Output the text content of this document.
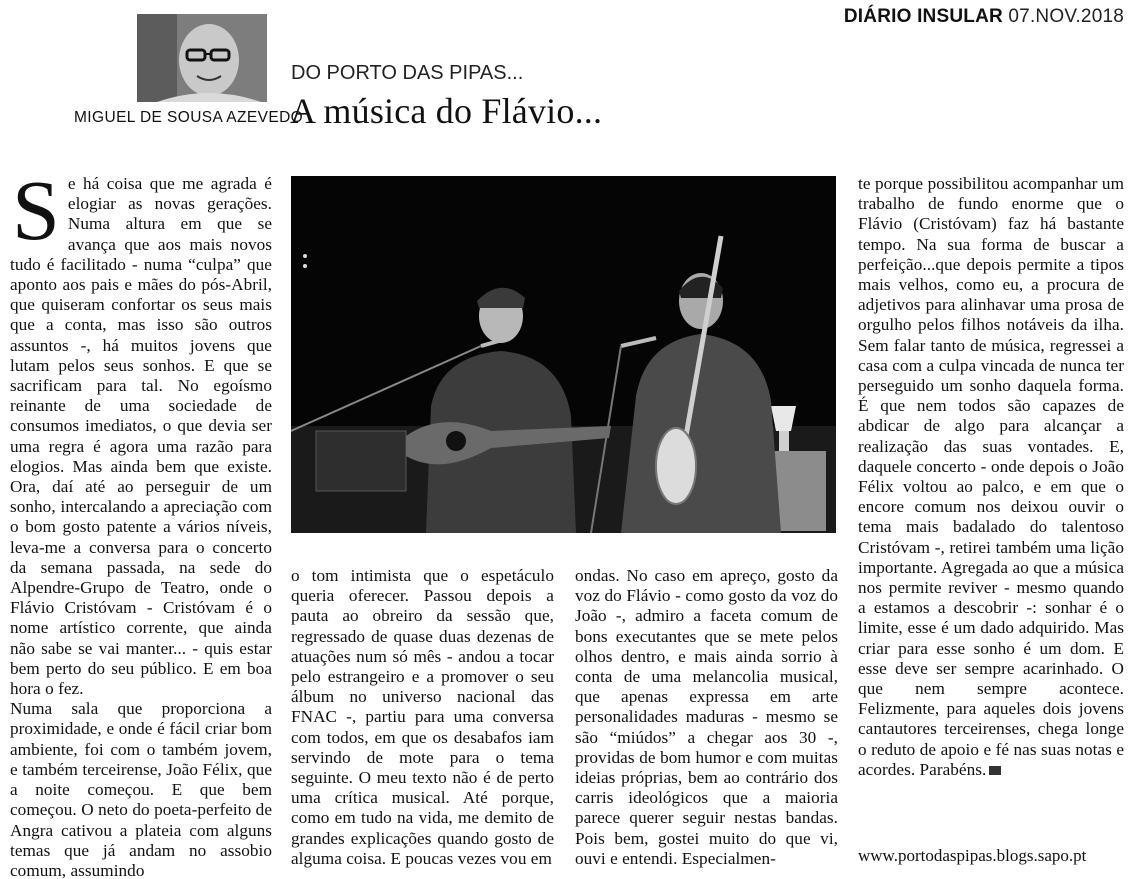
DIÁRIO INSULAR 07.NOV.2018
MIGUEL DE SOUSA AZEVEDO
DO PORTO DAS PIPAS...
A música do Flávio...

Se há coisa que me agrada é elogiar as novas gerações. Numa altura em que se avança que aos mais novos tudo é facilitado - numa “culpa” que aponto aos pais e mães do pós-Abril, que quiseram confortar os seus mais que a conta, mas isso são outros assuntos -, há muitos jovens que lutam pelos seus sonhos. E que se sacrificam para tal. No egoísmo reinante de uma sociedade de consumos imediatos, o que devia ser uma regra é agora uma razão para elogios. Mas ainda bem que existe. Ora, daí até ao perseguir de um sonho, intercalando a apreciação com o bom gosto patente a vários níveis, leva-me a conversa para o concerto da semana passada, na sede do Alpendre-Grupo de Teatro, onde o Flávio Cristóvam - Cristóvam é o nome artístico corrente, que ainda não sabe se vai manter... - quis estar bem perto do seu público. E em boa hora o fez.

Numa sala que proporciona a proximidade, e onde é fácil criar bom ambiente, foi com o também jovem, e também terceirense, João Félix, que a noite começou. E que bem começou. O neto do poeta-perfeito de Angra cativou a plateia com alguns temas que já andam no assobio comum, assumindo

o tom intimista que o espetáculo queria oferecer. Passou depois a pauta ao obreiro da sessão que, regressado de quase duas dezenas de atuações num só mês - andou a tocar pelo estrangeiro e a promover o seu álbum no universo nacional das FNAC -, partiu para uma conversa com todos, em que os desabafos iam servindo de mote para o tema seguinte. O meu texto não é de perto uma crítica musical. Até porque, como em tudo na vida, me demito de grandes explicações quando gosto de alguma coisa. E poucas vezes vou em

ondas. No caso em apreço, gosto da voz do Flávio - como gosto da voz do João -, admiro a faceta comum de bons executantes que se mete pelos olhos dentro, e mais ainda sorrio à conta de uma melancolia musical, que apenas expressa em arte personalidades maduras - mesmo se são “miúdos” a chegar aos 30 -, providas de bom humor e com muitas ideias próprias, bem ao contrário dos carris ideológicos que a maioria parece querer seguir nestas bandas. Pois bem, gostei muito do que vi, ouvi e entendi. Especialmen-

te porque possibilitou acompanhar um trabalho de fundo enorme que o Flávio (Cristóvam) faz há bastante tempo. Na sua forma de buscar a perfeição...que depois permite a tipos mais velhos, como eu, a procura de adjetivos para alinhavar uma prosa de orgulho pelos filhos notáveis da ilha. Sem falar tanto de música, regressei a casa com a culpa vincada de nunca ter perseguido um sonho daquela forma. É que nem todos são capazes de abdicar de algo para alcançar a realização das suas vontades. E, daquele concerto - onde depois o João Félix voltou ao palco, e em que o encore comum nos deixou ouvir o tema mais badalado do talentoso Cristóvam -, retirei também uma lição importante. Agregada ao que a música nos permite reviver - mesmo quando a estamos a descobrir -: sonhar é o limite, esse é um dado adquirido. Mas criar para esse sonho é um dom. E esse deve ser sempre acarinhado. O que nem sempre acontece. Felizmente, para aqueles dois jovens cantautores terceirenses, chega longe o reduto de apoio e fé nas suas notas e acordes. Parabéns.

www.portodaspipas.blogs.sapo.pt
